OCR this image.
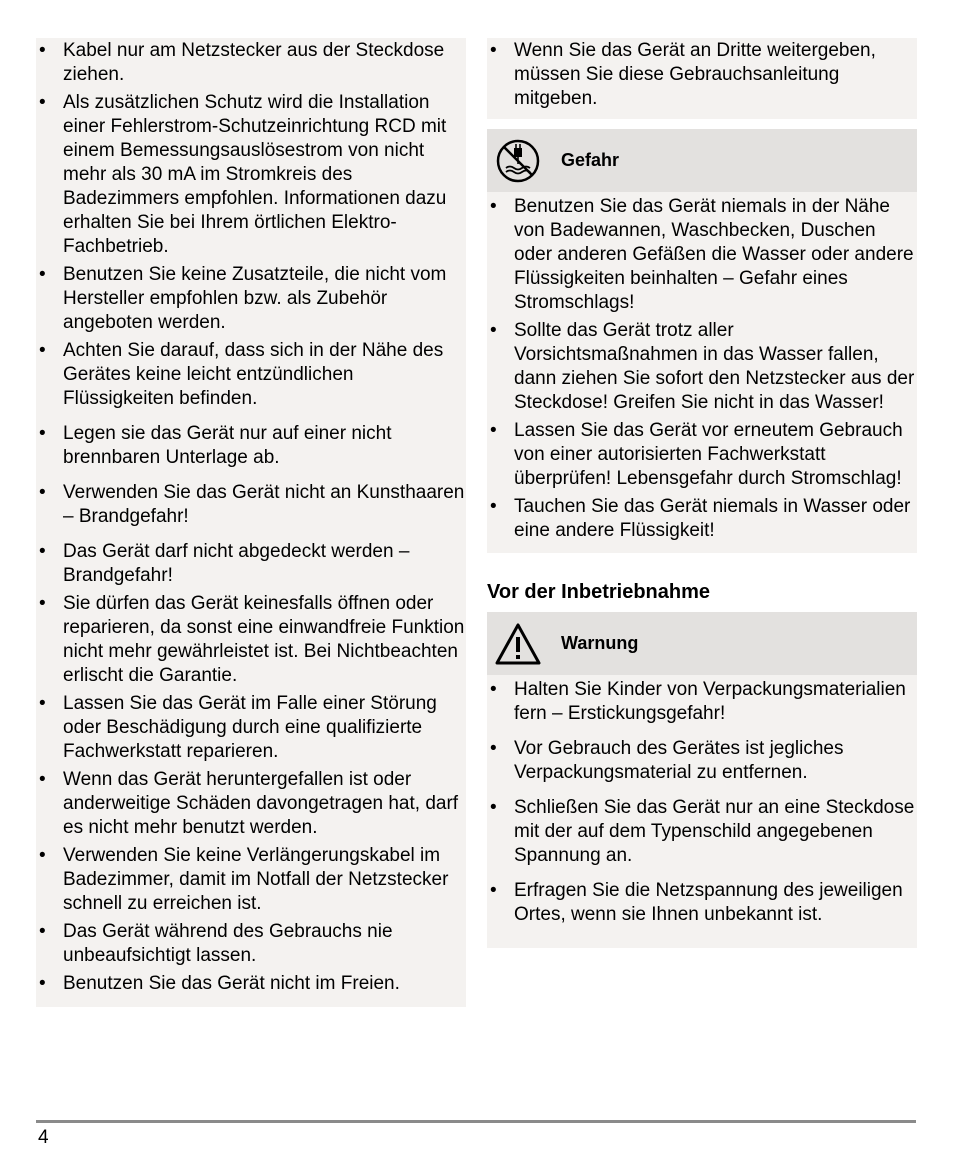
• Kabel nur am Netzstecker aus der Steckdose ziehen.
• Als zusätzlichen Schutz wird die Installation einer Fehlerstrom-Schutzeinrichtung RCD mit einem Bemessungsauslösestrom von nicht mehr als 30 mA im Stromkreis des Badezimmers empfohlen. Informationen dazu erhalten Sie bei Ihrem örtlichen Elektro-Fachbetrieb.
• Benutzen Sie keine Zusatzteile, die nicht vom Hersteller empfohlen bzw. als Zubehör angeboten werden.
• Achten Sie darauf, dass sich in der Nähe des Gerätes keine leicht entzündlichen Flüssigkeiten befinden.
• Legen sie das Gerät nur auf einer nicht brennbaren Unterlage ab.
• Verwenden Sie das Gerät nicht an Kunsthaaren – Brandgefahr!
• Das Gerät darf nicht abgedeckt werden – Brandgefahr!
• Sie dürfen das Gerät keinesfalls öffnen oder reparieren, da sonst eine einwandfreie Funktion nicht mehr gewährleistet ist. Bei Nichtbeachten erlischt die Garantie.
• Lassen Sie das Gerät im Falle einer Störung oder Beschädigung durch eine qualifizierte Fachwerkstatt reparieren.
• Wenn das Gerät heruntergefallen ist oder anderweitige Schäden davongetragen hat, darf es nicht mehr benutzt werden.
• Verwenden Sie keine Verlängerungskabel im Badezimmer, damit im Notfall der Netzstecker schnell zu erreichen ist.
• Das Gerät während des Gebrauchs nie unbeaufsichtigt lassen.
• Benutzen Sie das Gerät nicht im Freien.
• Wenn Sie das Gerät an Dritte weitergeben, müssen Sie diese Gebrauchsanleitung mitgeben.
Gefahr
• Benutzen Sie das Gerät niemals in der Nähe von Badewannen, Waschbecken, Duschen oder anderen Gefäßen die Wasser oder andere Flüssigkeiten beinhalten – Gefahr eines Stromschlags!
• Sollte das Gerät trotz aller Vorsichtsmaßnahmen in das Wasser fallen, dann ziehen Sie sofort den Netzstecker aus der Steckdose! Greifen Sie nicht in das Wasser!
• Lassen Sie das Gerät vor erneutem Gebrauch von einer autorisierten Fachwerkstatt überprüfen! Lebensgefahr durch Stromschlag!
• Tauchen Sie das Gerät niemals in Wasser oder eine andere Flüssigkeit!
Vor der Inbetriebnahme
Warnung
• Halten Sie Kinder von Verpackungsmaterialien fern – Erstickungsgefahr!
• Vor Gebrauch des Gerätes ist jegliches Verpackungsmaterial zu entfernen.
• Schließen Sie das Gerät nur an eine Steckdose mit der auf dem Typenschild angegebenen Spannung an.
• Erfragen Sie die Netzspannung des jeweiligen Ortes, wenn sie Ihnen unbekannt ist.
4
